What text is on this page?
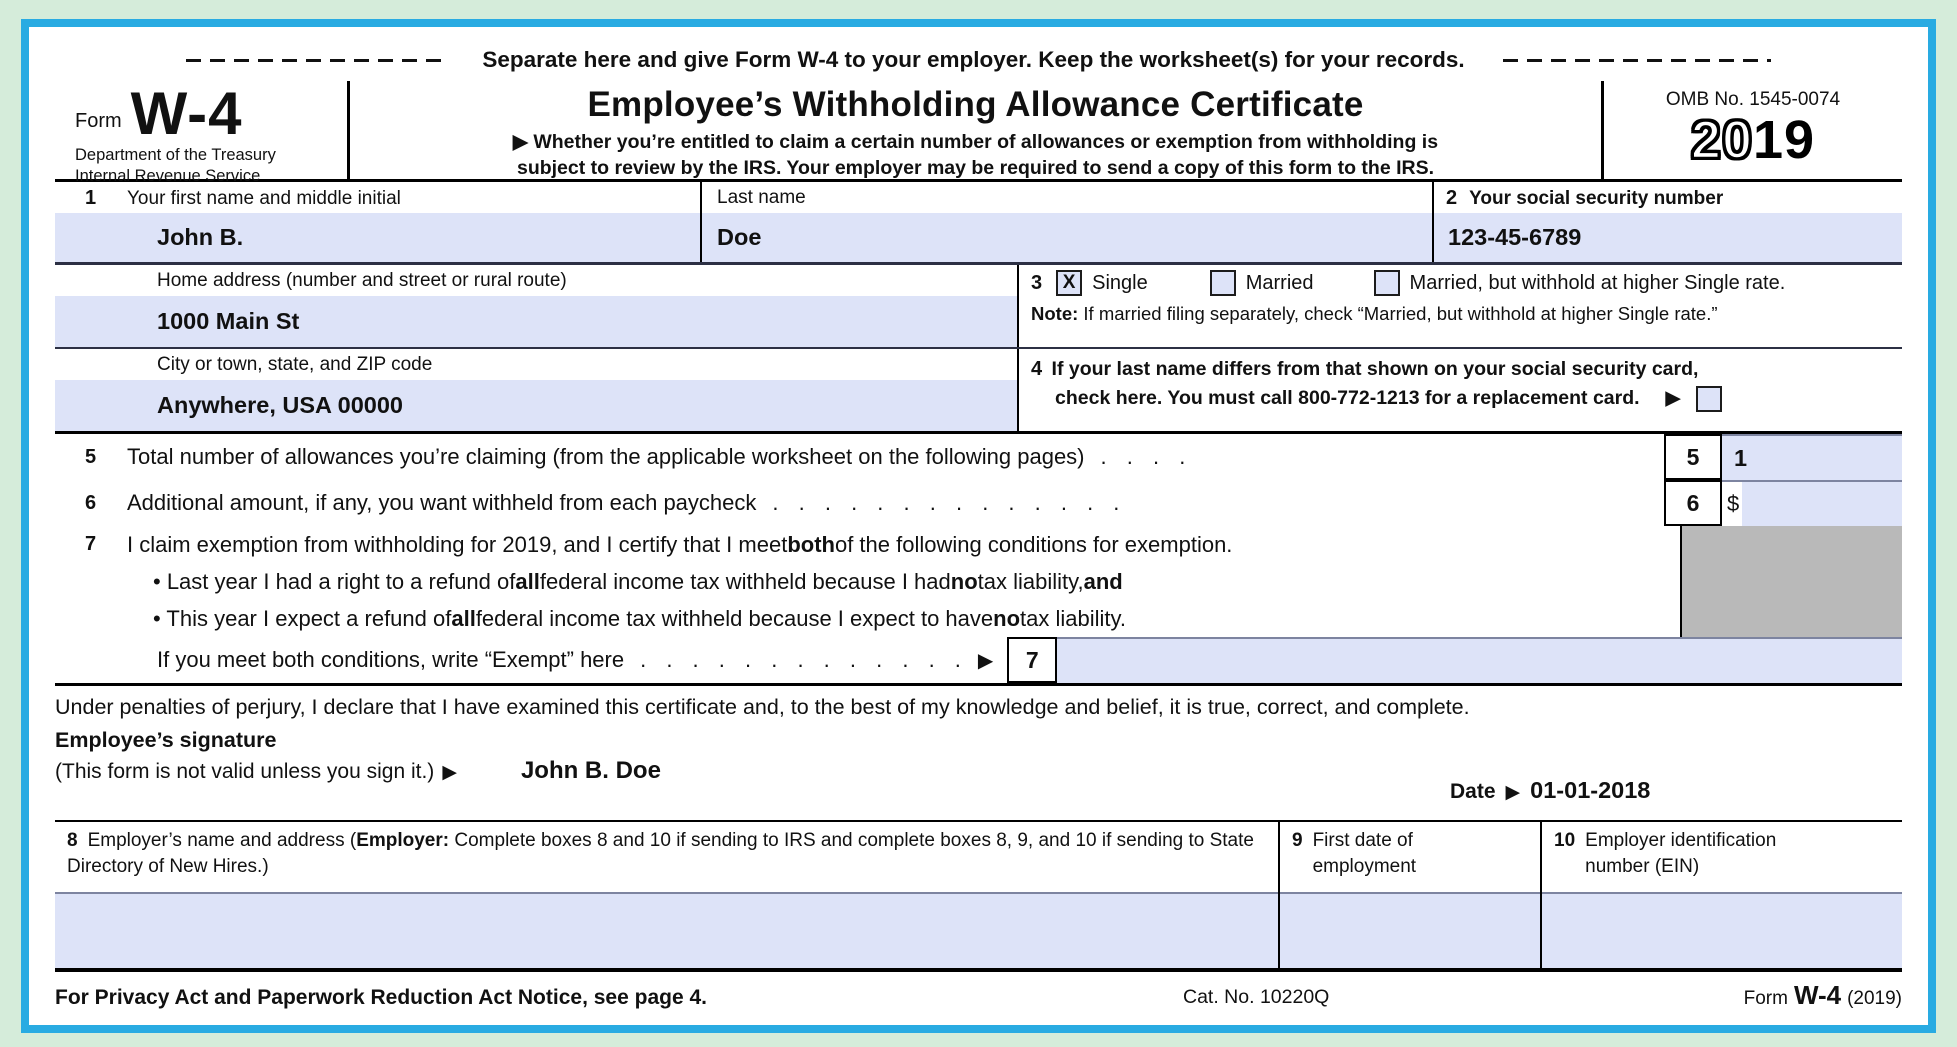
Separate here and give Form W-4 to your employer. Keep the worksheet(s) for your records.
Form W-4
Department of the Treasury
Internal Revenue Service
Employee’s Withholding Allowance Certificate
▶ Whether you’re entitled to claim a certain number of allowances or exemption from withholding is
subject to review by the IRS. Your employer may be required to send a copy of this form to the IRS.
OMB No. 1545-0074
2019
1 Your first name and middle initial
John B.
Last name
Doe
2 Your social security number
123-45-6789
Home address (number and street or rural route)
1000 Main St
3	X Single	Married	Married, but withhold at higher Single rate.
Note: If married filing separately, check “Married, but withhold at higher Single rate.”
City or town, state, and ZIP code
Anywhere, USA 00000
4 If your last name differs from that shown on your social security card,
check here. You must call 800-772-1213 for a replacement card. ▶
5	Total number of allowances you’re claiming (from the applicable worksheet on the following pages) . . . .	5	1
6	Additional amount, if any, you want withheld from each paycheck . . . . . . . . . . . . . .	6	$
7	I claim exemption from withholding for 2019, and I certify that I meet both of the following conditions for exemption.
• Last year I had a right to a refund of all federal income tax withheld because I had no tax liability, and
• This year I expect a refund of all federal income tax withheld because I expect to have no tax liability.
If you meet both conditions, write “Exempt” here . . . . . . . . . . . . . ▶	7
Under penalties of perjury, I declare that I have examined this certificate and, to the best of my knowledge and belief, it is true, correct, and complete.
Employee’s signature
(This form is not valid unless you sign it.) ▶	John B. Doe
Date ▶ 01-01-2018
8 Employer’s name and address (Employer: Complete boxes 8 and 10 if sending to IRS and complete boxes 8, 9, and 10 if sending to State Directory of New Hires.)
9 First date of employment
10 Employer identification number (EIN)
For Privacy Act and Paperwork Reduction Act Notice, see page 4.	Cat. No. 10220Q	Form W-4 (2019)
